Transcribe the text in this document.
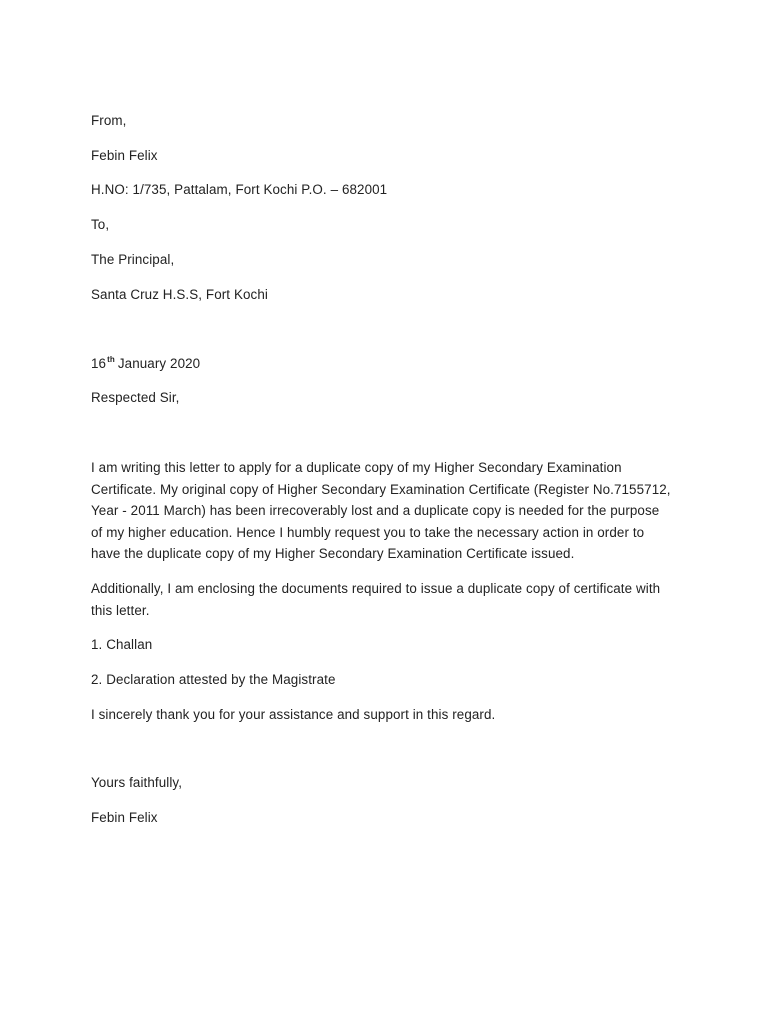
From,
Febin Felix
H.NO: 1/735, Pattalam, Fort Kochi P.O. – 682001
To,
The Principal,
Santa Cruz H.S.S, Fort Kochi
16th January 2020
Respected Sir,
I am writing this letter to apply for a duplicate copy of my Higher Secondary Examination
Certificate. My original copy of Higher Secondary Examination Certificate (Register No.7155712,
Year - 2011 March) has been irrecoverably lost and a duplicate copy is needed for the purpose
of my higher education. Hence I humbly request you to take the necessary action in order to
have the duplicate copy of my Higher Secondary Examination Certificate issued.
Additionally, I am enclosing the documents required to issue a duplicate copy of certificate with
this letter.
1. Challan
2. Declaration attested by the Magistrate
I sincerely thank you for your assistance and support in this regard.
Yours faithfully,
Febin Felix
